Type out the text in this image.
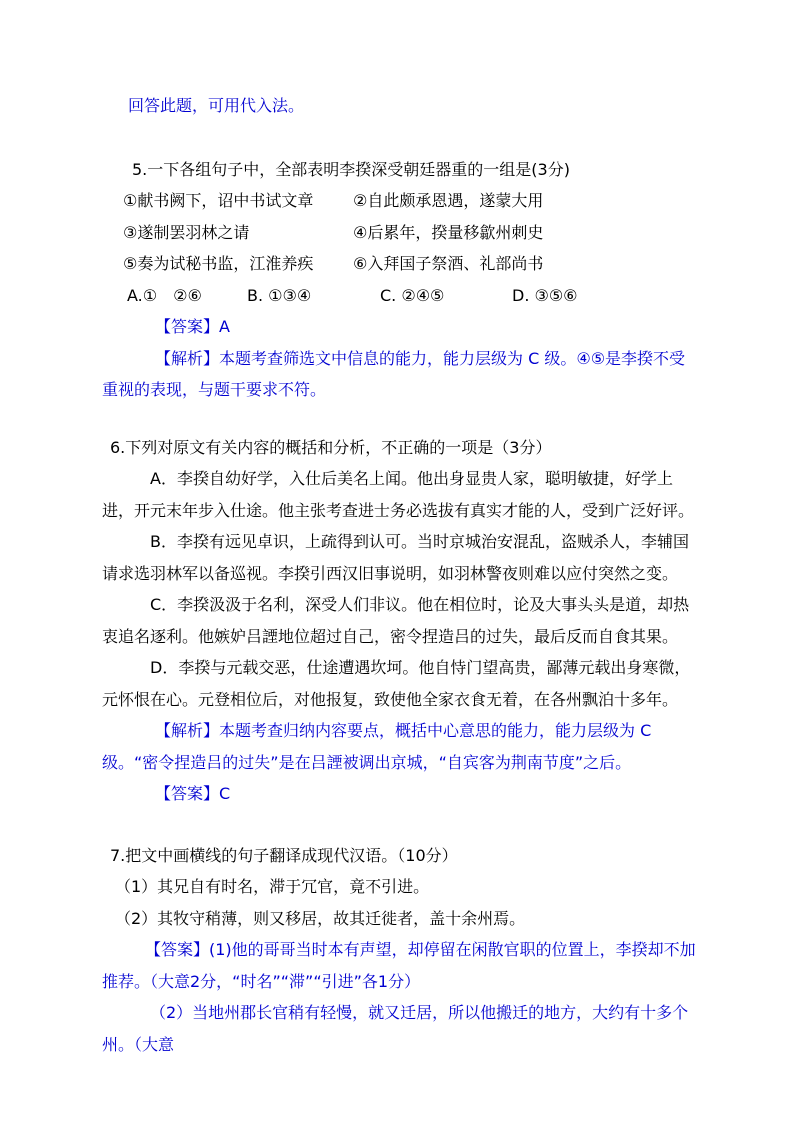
回答此题，可用代入法。

5.一下各组句子中，全部表明李揆深受朝廷器重的一组是(3分)

①献书阙下，诏中书试文章	②自此颇承恩遇，遂蒙大用
③遂制罢羽林之请	④后累年，揆量移歙州刺史
⑤奏为试秘书监，江淮养疾	⑥入拜国子祭酒、礼部尚书
A.①　②⑥	B. ①③④	C. ②④⑤	D. ③⑤⑥

【答案】A

【解析】本题考查筛选文中信息的能力，能力层级为 C 级。④⑤是李揆不受重视的表现，与题干要求不符。

6.下列对原文有关内容的概括和分析，不正确的一项是（3分）

A．李揆自幼好学，入仕后美名上闻。他出身显贵人家，聪明敏捷，好学上进，开元末年步入仕途。他主张考查进士务必选拔有真实才能的人，受到广泛好评。

B．李揆有远见卓识，上疏得到认可。当时京城治安混乱，盗贼杀人，李辅国请求选羽林军以备巡视。李揆引西汉旧事说明，如羽林警夜则难以应付突然之变。

C．李揆汲汲于名利，深受人们非议。他在相位时，论及大事头头是道，却热衷追名逐利。他嫉妒吕諲地位超过自己，密令捏造吕的过失，最后反而自食其果。

D．李揆与元载交恶，仕途遭遇坎坷。他自恃门望高贵，鄙薄元载出身寒微，元怀恨在心。元登相位后，对他报复，致使他全家衣食无着，在各州飘泊十多年。

【解析】本题考查归纳内容要点，概括中心意思的能力，能力层级为 C 级。“密令捏造吕的过失”是在吕諲被调出京城，“自宾客为荆南节度”之后。

【答案】C

7.把文中画横线的句子翻译成现代汉语。（10分）

（1）其兄自有时名，滞于冗官，竟不引进。

（2）其牧守稍薄，则又移居，故其迁徙者，盖十余州焉。

【答案】(1)他的哥哥当时本有声望，却停留在闲散官职的位置上，李揆却不加推荐。（大意2分，“时名”“滞”“引进”各1分）

（2）当地州郡长官稍有轻慢，就又迁居，所以他搬迁的地方，大约有十多个州。（大意
